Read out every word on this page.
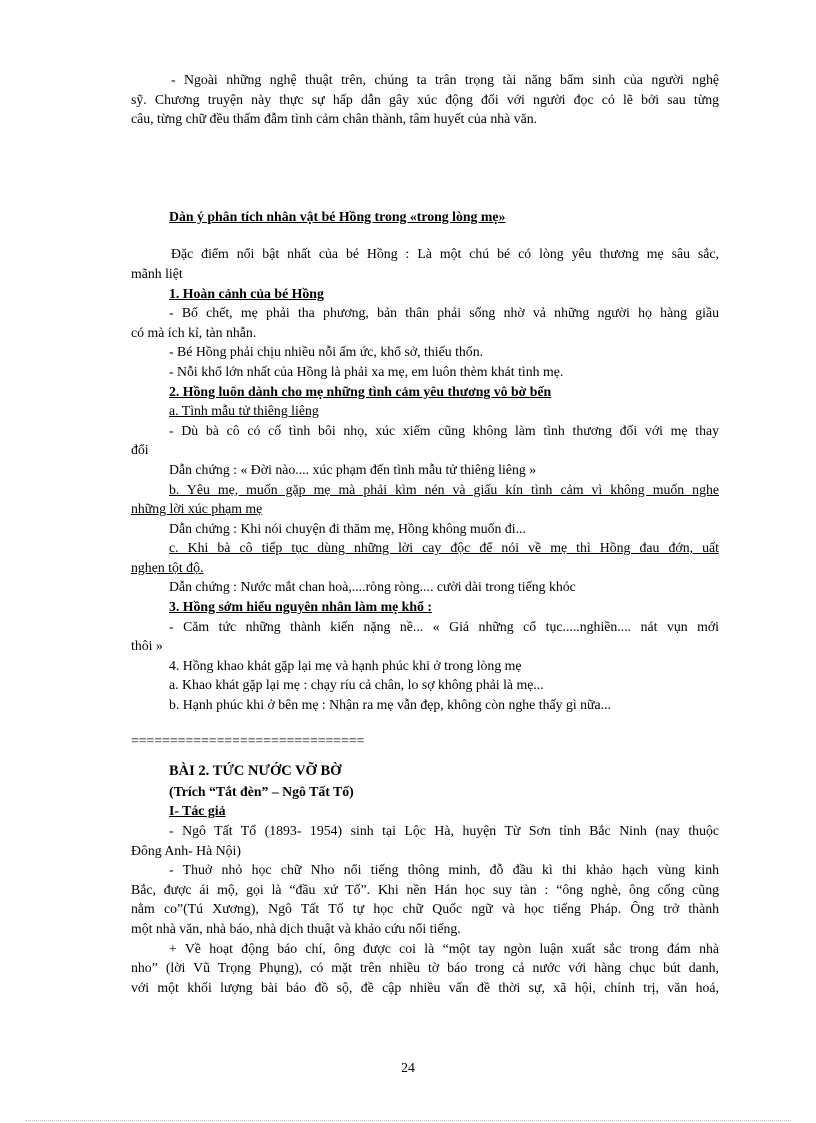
- Ngoài những nghệ thuật trên, chúng ta trân trọng tài năng bẩm sinh của người nghệ
sỹ. Chương truyện này thực sự hấp dẫn gây xúc động đối với người đọc có lẽ bởi sau từng
câu, từng chữ đều thấm đẫm tình cảm chân thành, tâm huyết của nhà văn.
Dàn ý phân tích nhân vật bé Hồng trong «trong lòng mẹ»
Đặc điểm nổi bật nhất của bé Hồng : Là một chú bé có lòng yêu thương mẹ sâu sắc,
mãnh liệt
1. Hoàn cảnh của bé Hồng
- Bố chết, mẹ phải tha phương, bản thân phải sống nhờ vả những người họ hàng giầu
có mà ích kỉ, tàn nhẫn.
- Bé Hồng phải chịu nhiều nỗi ấm ức, khổ sở, thiếu thốn.
- Nỗi khổ lớn nhất của Hồng là phải xa mẹ, em luôn thèm khát tình mẹ.
2. Hồng luôn dành cho mẹ những tình cảm yêu thương vô bờ bến
a. Tình mẫu tử thiêng liêng
- Dù bà cô có cố tình bôi nhọ, xúc xiểm cũng không làm tình thương đối với mẹ thay
đổi
Dẫn chứng : « Đời nào.... xúc phạm đến tình mẫu tử thiêng liêng »
b. Yêu mẹ, muốn gặp mẹ mà phải kìm nén và giấu kín tình cảm vì không muốn nghe
những lời xúc phạm mẹ
Dẫn chứng : Khi nói chuyện đi thăm mẹ, Hồng không muốn đi...
c. Khi bà cô tiếp tục dùng những lời cay độc để nói về mẹ thì Hồng đau đớn, uất
nghẹn tột độ.
Dẫn chứng : Nước mắt chan hoà,....ròng ròng.... cười dài trong tiếng khóc
3. Hồng sớm hiểu nguyên nhân làm mẹ khổ :
- Căm tức những thành kiến nặng nề... « Giá những cổ tục.....nghiền.... nát vụn mới
thôi »
4. Hồng khao khát gặp lại mẹ và hạnh phúc khi ở trong lòng mẹ
a. Khao khát gặp lại mẹ : chạy ríu cả chân, lo sợ không phải là mẹ...
b. Hạnh phúc khi ở bên mẹ : Nhận ra mẹ vẫn đẹp, không còn nghe thấy gì nữa...
==============================
BÀI 2. TỨC NƯỚC VỠ BỜ
(Trích “Tắt đèn” – Ngô Tất Tố)
I- Tác giả
- Ngô Tất Tố (1893- 1954) sinh tại Lộc Hà, huyện Từ Sơn tỉnh Bắc Ninh (nay thuộc
Đông Anh- Hà Nội)
- Thuở nhỏ học chữ Nho nổi tiếng thông minh, đỗ đầu kì thi khảo hạch vùng kinh
Bắc, được ái mộ, gọi là “đầu xứ Tố”. Khi nền Hán học suy tàn : “ông nghè, ông cống cũng
nằm co”(Tú Xương), Ngô Tất Tố tự học chữ Quốc ngữ và học tiếng Pháp. Ông trở thành
một nhà văn, nhà báo, nhà dịch thuật và khảo cứu nổi tiếng.
+ Về hoạt động báo chí, ông được coi là “một tay ngòn luận xuất sắc trong đám nhà
nho” (lời Vũ Trọng Phụng), có mặt trên nhiều tờ báo trong cả nước với hàng chục bút danh,
với một khối lượng bài báo đồ sộ, đề cập nhiều vấn đề thời sự, xã hội, chính trị, văn hoá,
24
